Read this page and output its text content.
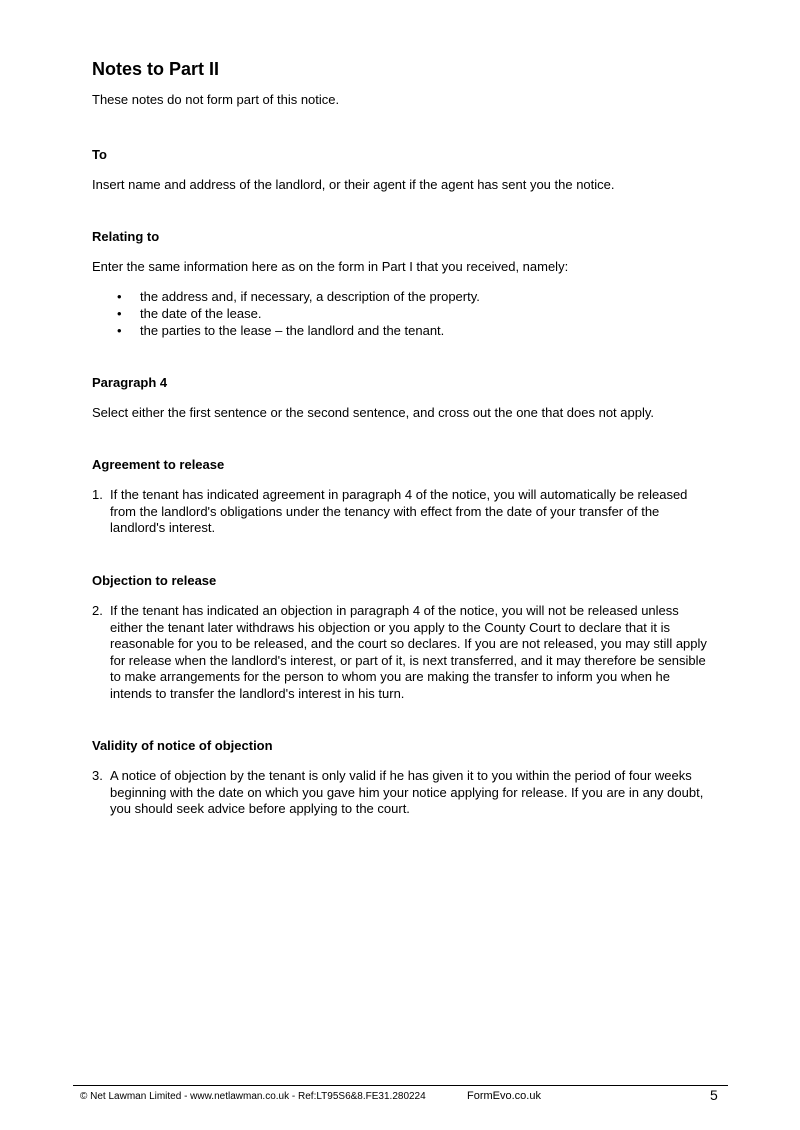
Notes to Part II

These notes do not form part of this notice.

To

Insert name and address of the landlord, or their agent if the agent has sent you the notice.

Relating to

Enter the same information here as on the form in Part I that you received, namely:

• the address and, if necessary, a description of the property.
• the date of the lease.
• the parties to the lease – the landlord and the tenant.
Paragraph 4

Select either the first sentence or the second sentence, and cross out the one that does not apply.

Agreement to release
1. If the tenant has indicated agreement in paragraph 4 of the notice, you will automatically be released from the landlord's obligations under the tenancy with effect from the date of your transfer of the landlord's interest.
Objection to release
2. If the tenant has indicated an objection in paragraph 4 of the notice, you will not be released unless either the tenant later withdraws his objection or you apply to the County Court to declare that it is reasonable for you to be released, and the court so declares. If you are not released, you may still apply for release when the landlord's interest, or part of it, is next transferred, and it may therefore be sensible to make arrangements for the person to whom you are making the transfer to inform you when he intends to transfer the landlord's interest in his turn.
Validity of notice of objection
3. A notice of objection by the tenant is only valid if he has given it to you within the period of four weeks beginning with the date on which you gave him your notice applying for release. If you are in any doubt, you should seek advice before applying to the court.
© Net Lawman Limited - www.netlawman.co.uk - Ref:LT95S6&8.FE31.280224	FormEvo.co.uk	5
